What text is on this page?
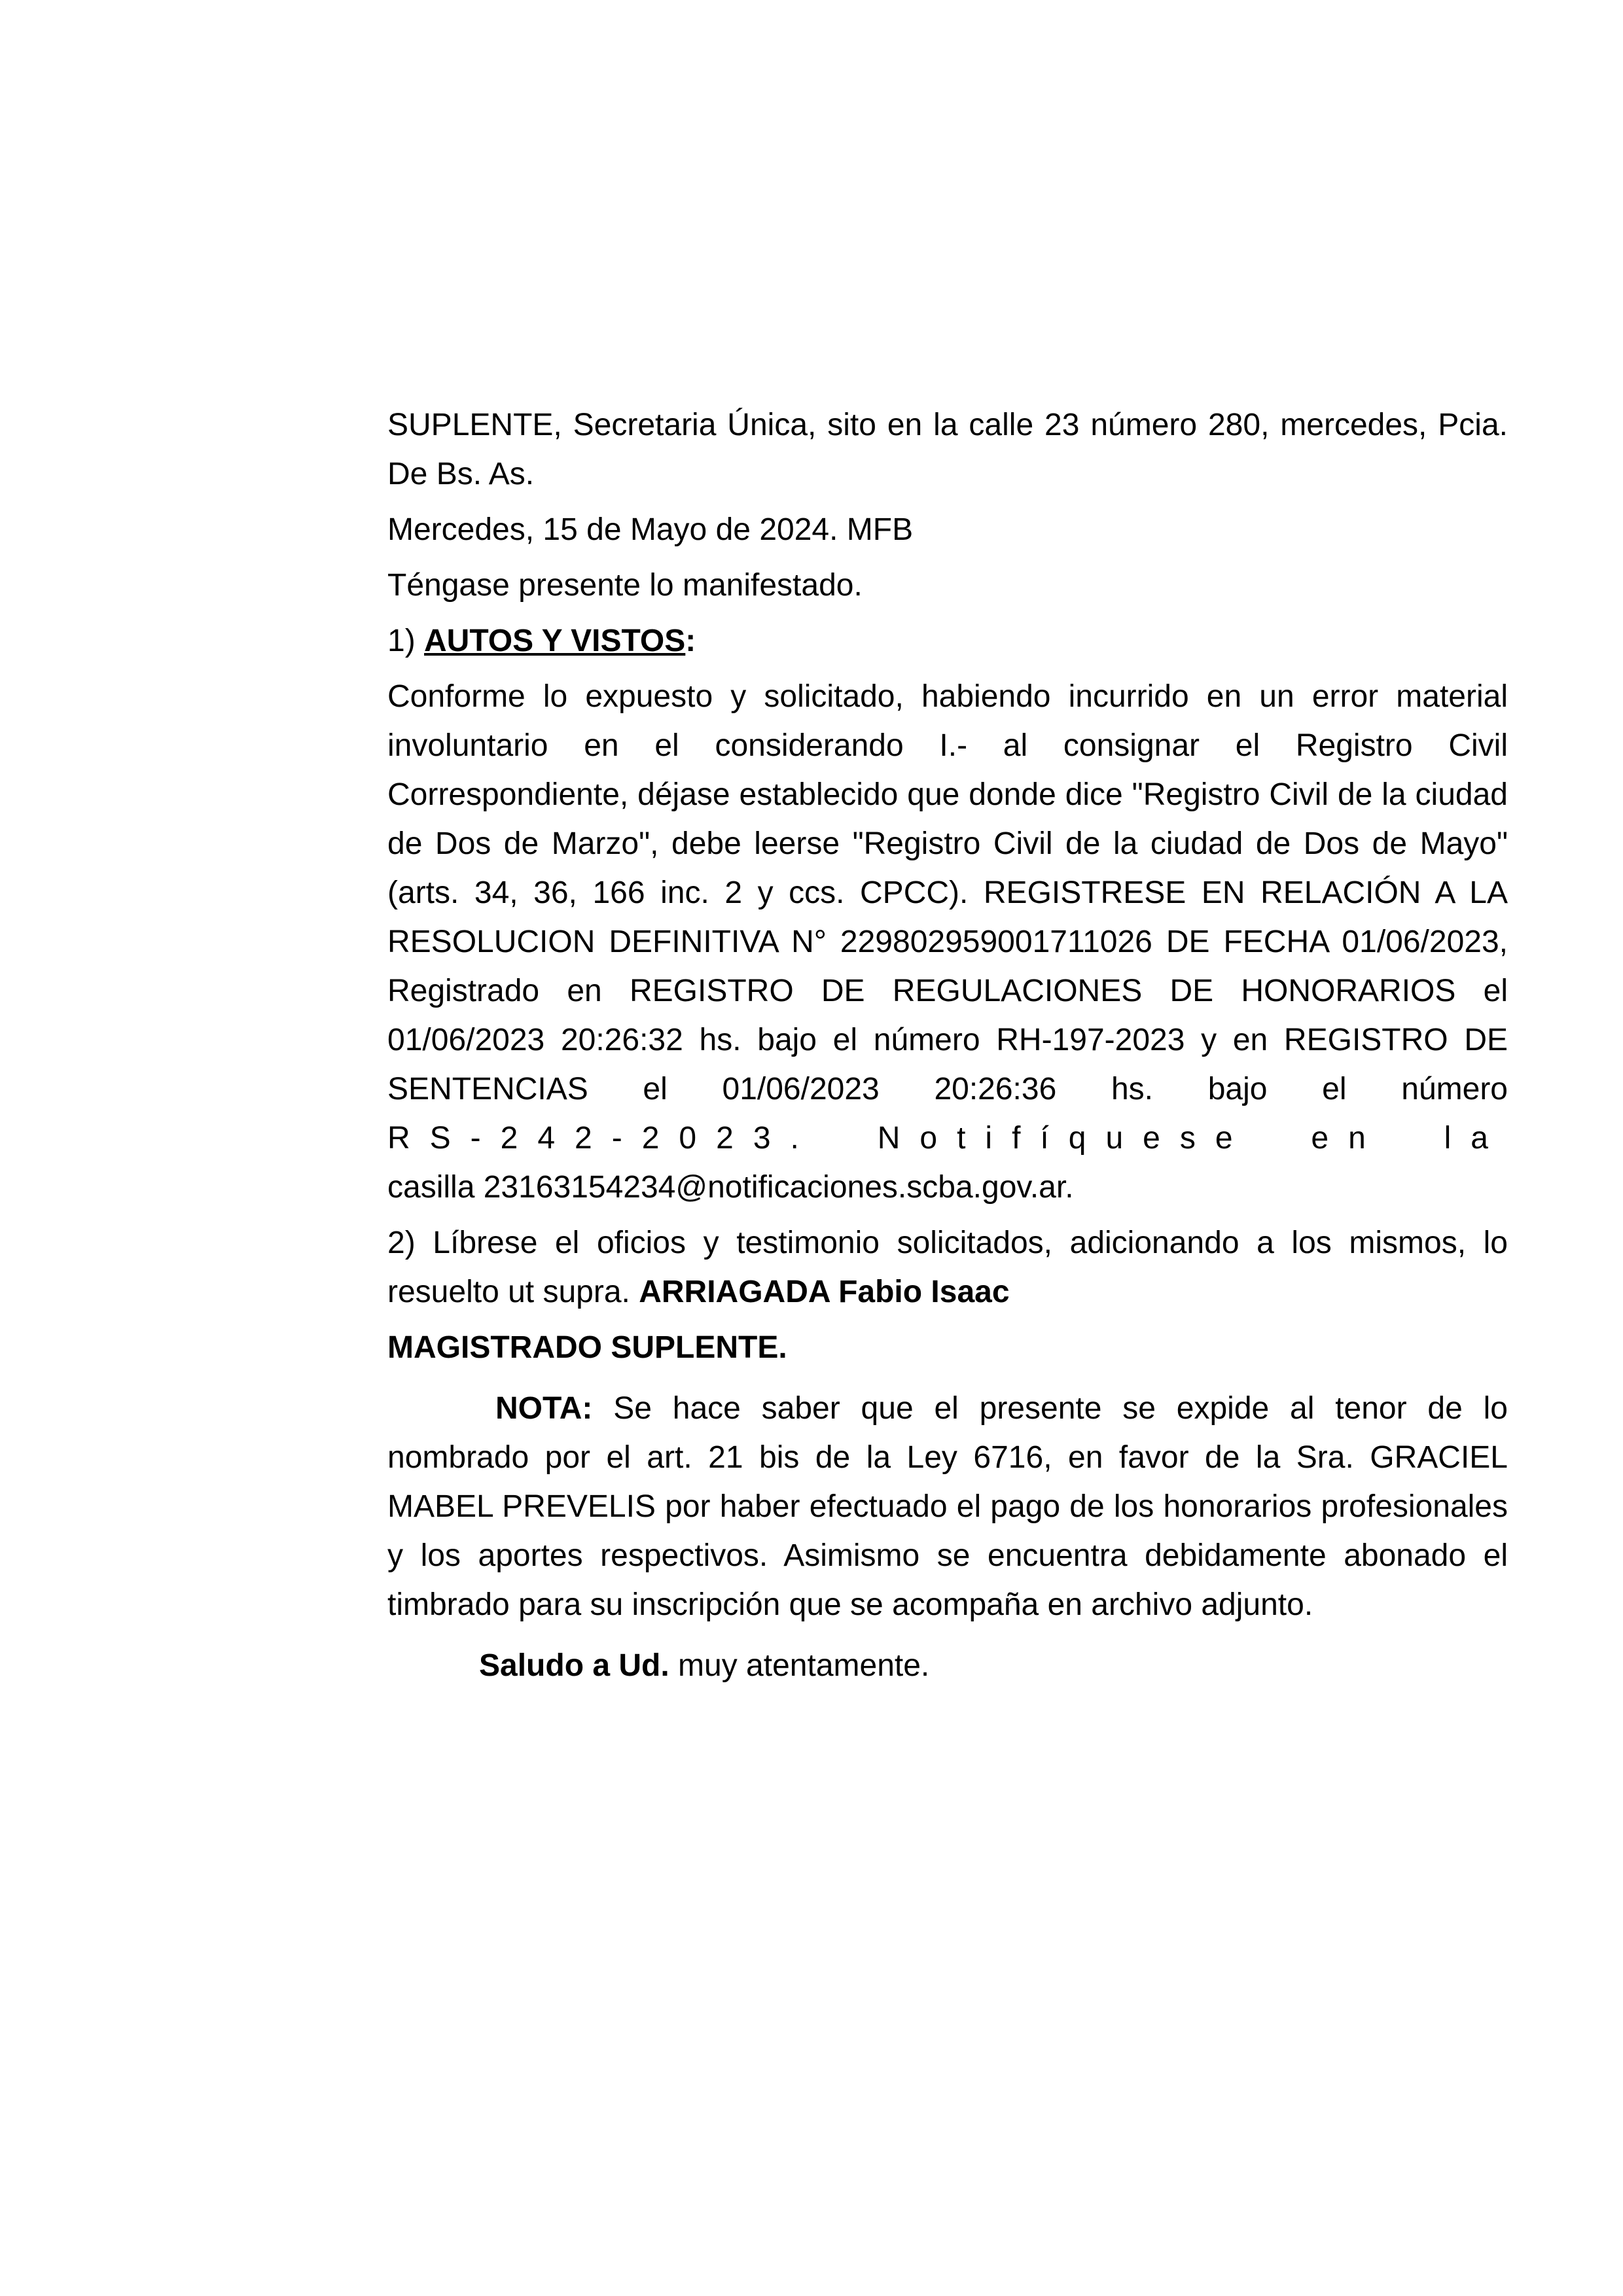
SUPLENTE, Secretaria Única, sito en la calle 23 número 280, mercedes, Pcia. De Bs. As.

Mercedes, 15 de Mayo de 2024. MFB

Téngase presente lo manifestado.

1) AUTOS Y VISTOS:

Conforme lo expuesto y solicitado, habiendo incurrido en un error material involuntario en el considerando I.- al consignar el Registro Civil Correspondiente, déjase establecido que donde dice "Registro Civil de la ciudad de Dos de Marzo", debe leerse "Registro Civil de la ciudad de Dos de Mayo" (arts. 34, 36, 166 inc. 2 y ccs. CPCC). REGISTRESE EN RELACIÓN A LA RESOLUCION DEFINITIVA N° 229802959001711026 DE FECHA 01/06/2023, Registrado en REGISTRO DE REGULACIONES DE HONORARIOS el 01/06/2023 20:26:32 hs. bajo el número RH-197-2023 y en REGISTRO DE SENTENCIAS el 01/06/2023 20:26:36 hs. bajo el número
RS-242-2023. Notifíquese en la
casilla 23163154234@notificaciones.scba.gov.ar.

2) Líbrese el oficios y testimonio solicitados, adicionando a los mismos, lo resuelto ut supra. ARRIAGADA Fabio Isaac

MAGISTRADO SUPLENTE.

NOTA: Se hace saber que el presente se expide al tenor de lo nombrado por el art. 21 bis de la Ley 6716, en favor de la Sra. GRACIEL MABEL PREVELIS por haber efectuado el pago de los honorarios profesionales y los aportes respectivos. Asimismo se encuentra debidamente abonado el timbrado para su inscripción que se acompaña en archivo adjunto.

Saludo a Ud. muy atentamente.
